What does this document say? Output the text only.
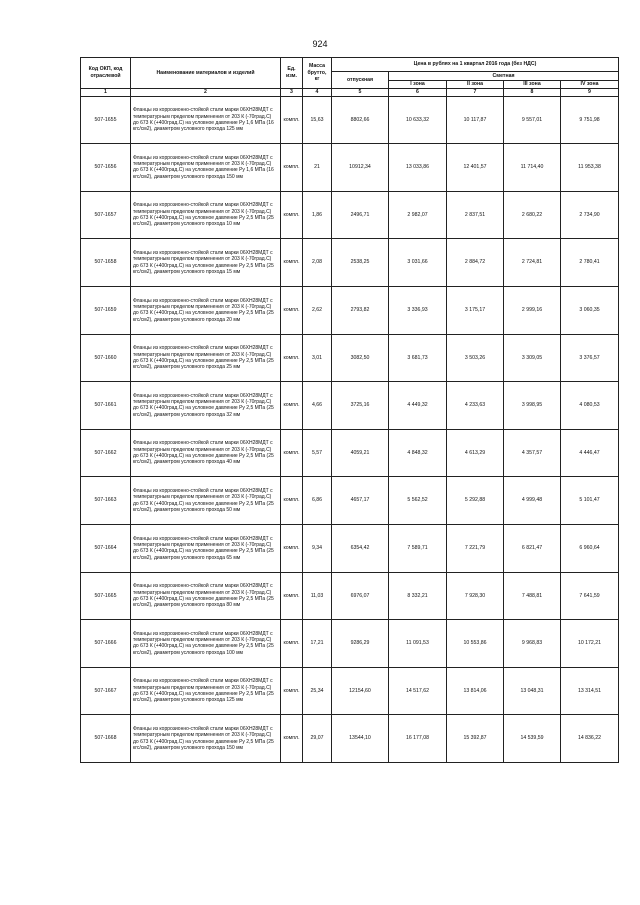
924
Код ОКП, код отраслевой	Наименование материалов и изделий	Ед. изм.	Масса брутто, кг	Цена в рублях на 1 квартал 2016 года (без НДС)				
				отпускная	Сметная			
					I зона	II зона	III зона	IV зона
1	2	3	4	5	6	7	8	9
507-1655	Фланцы из коррозионно-стойкой стали марки 06ХН28МДТ с температурным пределом применения от 203 К (-70град.С) до 673 К (+400град.С) на условное давление Ру 1,6 МПа (16 кгс/см2), диаметром условного прохода 125 мм	компл.	15,63	8802,66	10 633,32	10 117,87	9 557,01	9 751,98
507-1656	Фланцы из коррозионно-стойкой стали марки 06ХН28МДТ с температурным пределом применения от 203 К (-70град.С) до 673 К (+400град.С) на условное давление Ру 1,6 МПа (16 кгс/см2), диаметром условного прохода 150 мм	компл.	21	10912,34	13 033,86	12 401,57	11 714,40	11 953,38
507-1657	Фланцы из коррозионно-стойкой стали марки 06ХН28МДТ с температурным пределом применения от 203 К (-70град.С) до 673 К (+400град.С) на условное давление Ру 2,5 МПа (25 кгс/см2), диаметром условного прохода 10 мм	компл.	1,86	2496,71	2 982,07	2 837,51	2 680,22	2 734,90
507-1658	Фланцы из коррозионно-стойкой стали марки 06ХН28МДТ с температурным пределом применения от 203 К (-70град.С) до 673 К (+400град.С) на условное давление Ру 2,5 МПа (25 кгс/см2), диаметром условного прохода 15 мм	компл.	2,08	2538,25	3 031,66	2 884,72	2 724,81	2 780,41
507-1659	Фланцы из коррозионно-стойкой стали марки 06ХН28МДТ с температурным пределом применения от 203 К (-70град.С) до 673 К (+400град.С) на условное давление Ру 2,5 МПа (25 кгс/см2), диаметром условного прохода 20 мм	компл.	2,62	2793,82	3 336,93	3 175,17	2 999,16	3 060,35
507-1660	Фланцы из коррозионно-стойкой стали марки 06ХН28МДТ с температурным пределом применения от 203 К (-70град.С) до 673 К (+400град.С) на условное давление Ру 2,5 МПа (25 кгс/см2), диаметром условного прохода 25 мм	компл.	3,01	3082,50	3 681,73	3 503,26	3 309,05	3 376,57
507-1661	Фланцы из коррозионно-стойкой стали марки 06ХН28МДТ с температурным пределом применения от 203 К (-70град.С) до 673 К (+400град.С) на условное давление Ру 2,5 МПа (25 кгс/см2), диаметром условного прохода 32 мм	компл.	4,66	3725,16	4 449,32	4 233,63	3 998,95	4 080,53
507-1662	Фланцы из коррозионно-стойкой стали марки 06ХН28МДТ с температурным пределом применения от 203 К (-70град.С) до 673 К (+400град.С) на условное давление Ру 2,5 МПа (25 кгс/см2), диаметром условного прохода 40 мм	компл.	5,57	4059,21	4 848,32	4 613,29	4 357,57	4 446,47
507-1663	Фланцы из коррозионно-стойкой стали марки 06ХН28МДТ с температурным пределом применения от 203 К (-70град.С) до 673 К (+400град.С) на условное давление Ру 2,5 МПа (25 кгс/см2), диаметром условного прохода 50 мм	компл.	6,86	4657,17	5 562,52	5 292,88	4 999,48	5 101,47
507-1664	Фланцы из коррозионно-стойкой стали марки 06ХН28МДТ с температурным пределом применения от 203 К (-70град.С) до 673 К (+400град.С) на условное давление Ру 2,5 МПа (25 кгс/см2), диаметром условного прохода 65 мм	компл.	9,34	6354,42	7 589,71	7 221,79	6 821,47	6 960,64
507-1665	Фланцы из коррозионно-стойкой стали марки 06ХН28МДТ с температурным пределом применения от 203 К (-70град.С) до 673 К (+400град.С) на условное давление Ру 2,5 МПа (25 кгс/см2), диаметром условного прохода 80 мм	компл.	11,03	6976,07	8 332,21	7 928,30	7 488,81	7 641,59
507-1666	Фланцы из коррозионно-стойкой стали марки 06ХН28МДТ с температурным пределом применения от 203 К (-70град.С) до 673 К (+400град.С) на условное давление Ру 2,5 МПа (25 кгс/см2), диаметром условного прохода 100 мм	компл.	17,21	9286,29	11 091,53	10 553,86	9 968,83	10 172,21
507-1667	Фланцы из коррозионно-стойкой стали марки 06ХН28МДТ с температурным пределом применения от 203 К (-70град.С) до 673 К (+400град.С) на условное давление Ру 2,5 МПа (25 кгс/см2), диаметром условного прохода 125 мм	компл.	25,34	12154,60	14 517,62	13 814,06	13 048,31	13 314,51
507-1668	Фланцы из коррозионно-стойкой стали марки 06ХН28МДТ с температурным пределом применения от 203 К (-70град.С) до 673 К (+400град.С) на условное давление Ру 2,5 МПа (25 кгс/см2), диаметром условного прохода 150 мм	компл.	29,07	13544,10	16 177,08	15 392,87	14 539,59	14 836,22
